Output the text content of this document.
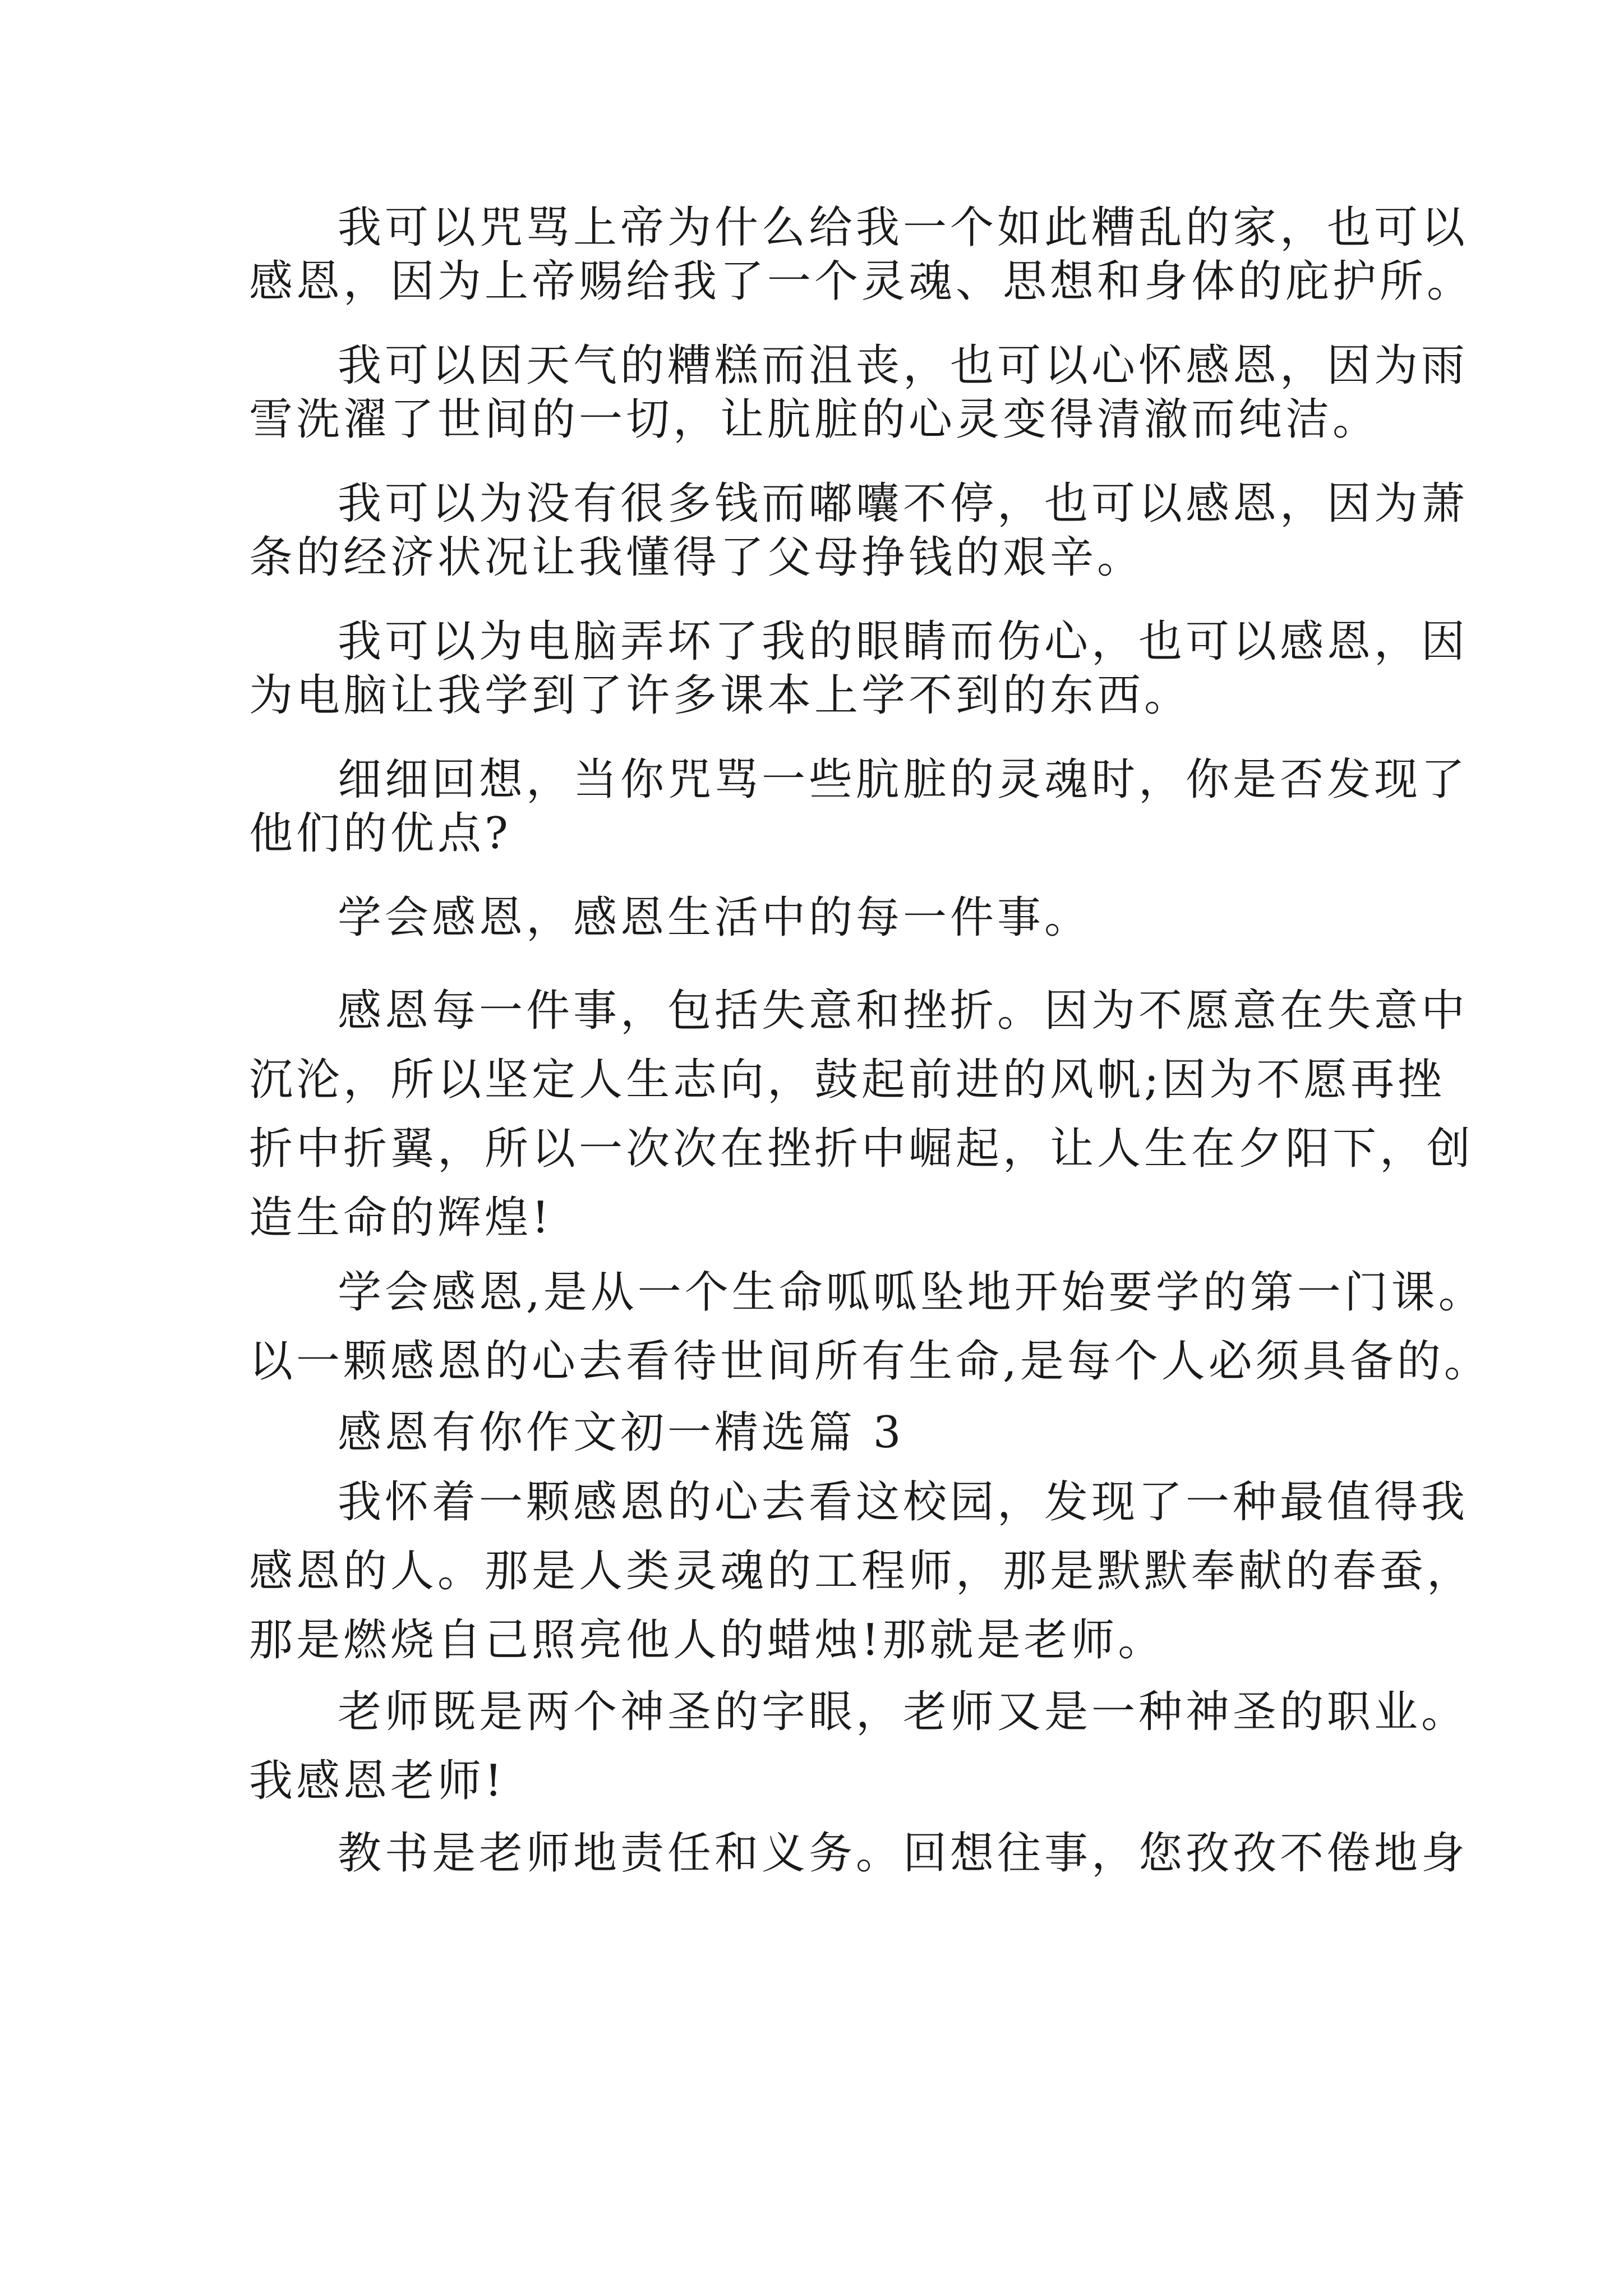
我可以咒骂上帝为什么给我一个如此糟乱的家，也可以
感恩，因为上帝赐给我了一个灵魂、思想和身体的庇护所。
我可以因天气的糟糕而沮丧，也可以心怀感恩，因为雨
雪洗濯了世间的一切，让肮脏的心灵变得清澈而纯洁。
我可以为没有很多钱而嘟囔不停，也可以感恩，因为萧
条的经济状况让我懂得了父母挣钱的艰辛。
我可以为电脑弄坏了我的眼睛而伤心，也可以感恩，因
为电脑让我学到了许多课本上学不到的东西。
细细回想，当你咒骂一些肮脏的灵魂时，你是否发现了
他们的优点?
学会感恩，感恩生活中的每一件事。
感恩每一件事，包括失意和挫折。因为不愿意在失意中
沉沦，所以坚定人生志向，鼓起前进的风帆;因为不愿再挫
折中折翼，所以一次次在挫折中崛起，让人生在夕阳下，创
造生命的辉煌!
学会感恩,是从一个生命呱呱坠地开始要学的第一门课。
以一颗感恩的心去看待世间所有生命,是每个人必须具备的。
感恩有你作文初一精选篇 3
我怀着一颗感恩的心去看这校园，发现了一种最值得我
感恩的人。那是人类灵魂的工程师，那是默默奉献的春蚕，
那是燃烧自己照亮他人的蜡烛!那就是老师。
老师既是两个神圣的字眼，老师又是一种神圣的职业。
我感恩老师!
教书是老师地责任和义务。回想往事，您孜孜不倦地身
